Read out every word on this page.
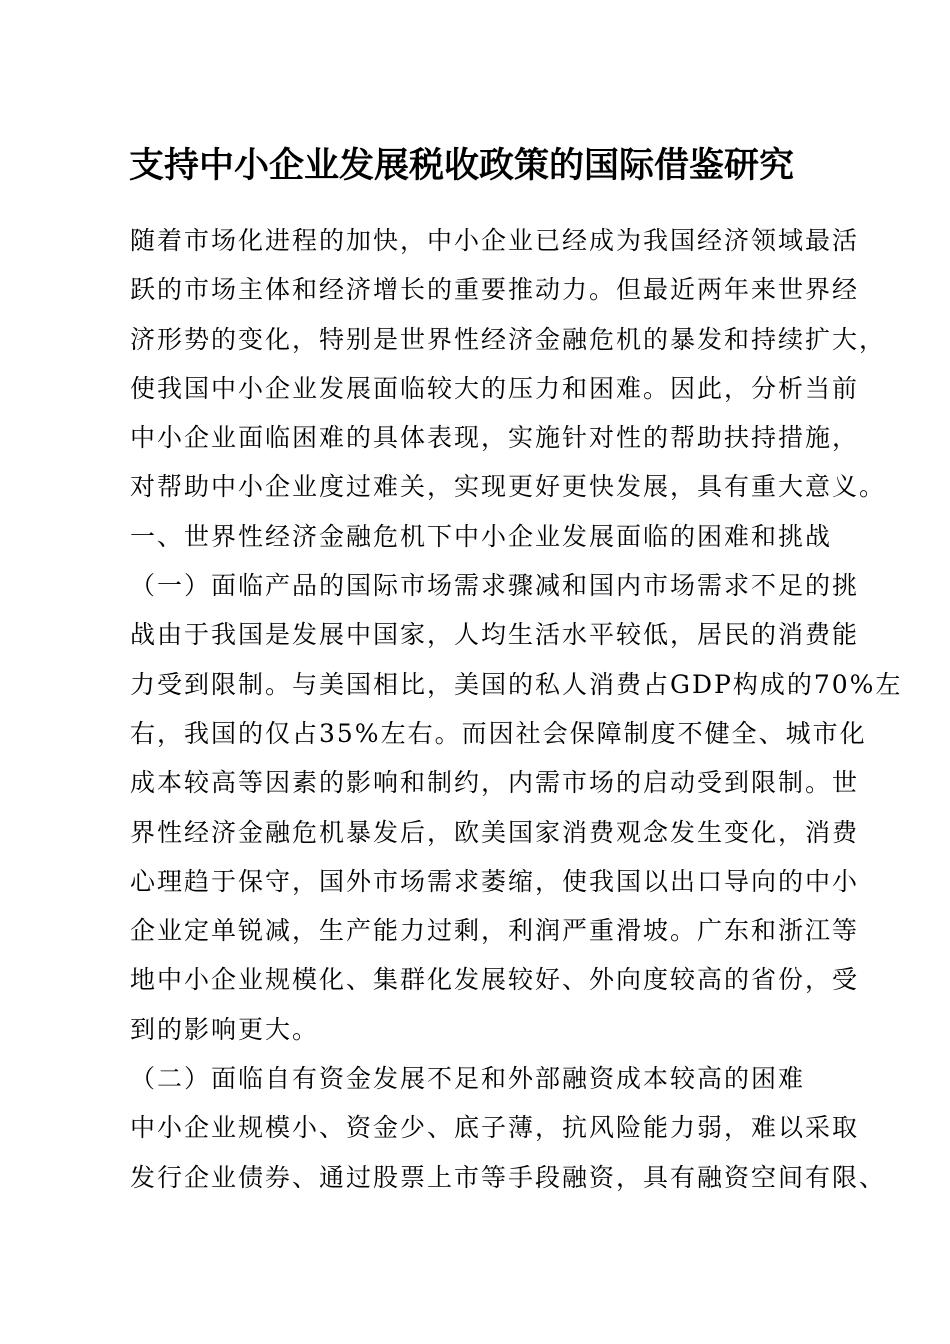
支持中小企业发展税收政策的国际借鉴研究
随着市场化进程的加快，中小企业已经成为我国经济领域最活
跃的市场主体和经济增长的重要推动力。但最近两年来世界经
济形势的变化，特别是世界性经济金融危机的暴发和持续扩大，
使我国中小企业发展面临较大的压力和困难。因此，分析当前
中小企业面临困难的具体表现，实施针对性的帮助扶持措施，
对帮助中小企业度过难关，实现更好更快发展，具有重大意义。
一、世界性经济金融危机下中小企业发展面临的困难和挑战
（一）面临产品的国际市场需求骤减和国内市场需求不足的挑
战由于我国是发展中国家，人均生活水平较低，居民的消费能
力受到限制。与美国相比，美国的私人消费占GDP构成的70%左
右，我国的仅占35%左右。而因社会保障制度不健全、城市化
成本较高等因素的影响和制约，内需市场的启动受到限制。世
界性经济金融危机暴发后，欧美国家消费观念发生变化，消费
心理趋于保守，国外市场需求萎缩，使我国以出口导向的中小
企业定单锐减，生产能力过剩，利润严重滑坡。广东和浙江等
地中小企业规模化、集群化发展较好、外向度较高的省份，受
到的影响更大。
（二）面临自有资金发展不足和外部融资成本较高的困难
中小企业规模小、资金少、底子薄，抗风险能力弱，难以采取
发行企业债券、通过股票上市等手段融资，具有融资空间有限、
